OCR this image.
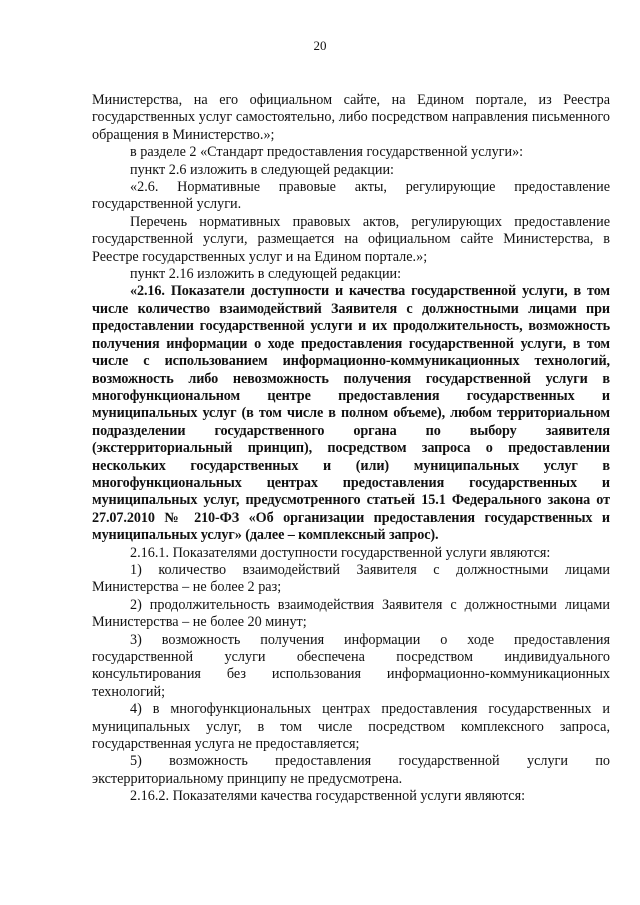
20

Министерства, на его официальном сайте, на Едином портале, из Реестра государственных услуг самостоятельно, либо посредством направления письменного обращения в Министерство.»;

в разделе 2 «Стандарт предоставления государственной услуги»:

пункт 2.6 изложить в следующей редакции:

«2.6. Нормативные правовые акты, регулирующие предоставление государственной услуги.

Перечень нормативных правовых актов, регулирующих предоставление государственной услуги, размещается на официальном сайте Министерства, в Реестре государственных услуг и на Едином портале.»;

пункт 2.16 изложить в следующей редакции:

«2.16. Показатели доступности и качества государственной услуги, в том числе количество взаимодействий Заявителя с должностными лицами при предоставлении государственной услуги и их продолжительность, возможность получения информации о ходе предоставления государственной услуги, в том числе с использованием информационно-коммуникационных технологий, возможность либо невозможность получения государственной услуги в многофункциональном центре предоставления государственных и муниципальных услуг (в том числе в полном объеме), любом территориальном подразделении государственного органа по выбору заявителя (экстерриториальный принцип), посредством запроса о предоставлении нескольких государственных и (или) муниципальных услуг в многофункциональных центрах предоставления государственных и муниципальных услуг, предусмотренного статьей 15.1 Федерального закона от 27.07.2010 № 210-ФЗ «Об организации предоставления государственных и муниципальных услуг» (далее – комплексный запрос).

2.16.1. Показателями доступности государственной услуги являются:

1) количество взаимодействий Заявителя с должностными лицами Министерства – не более 2 раз;

2) продолжительность взаимодействия Заявителя с должностными лицами Министерства – не более 20 минут;

3) возможность получения информации о ходе предоставления государственной услуги обеспечена посредством индивидуального консультирования без использования информационно-коммуникационных технологий;

4) в многофункциональных центрах предоставления государственных и муниципальных услуг, в том числе посредством комплексного запроса, государственная услуга не предоставляется;

5) возможность предоставления государственной услуги по экстерриториальному принципу не предусмотрена.

2.16.2. Показателями качества государственной услуги являются:
